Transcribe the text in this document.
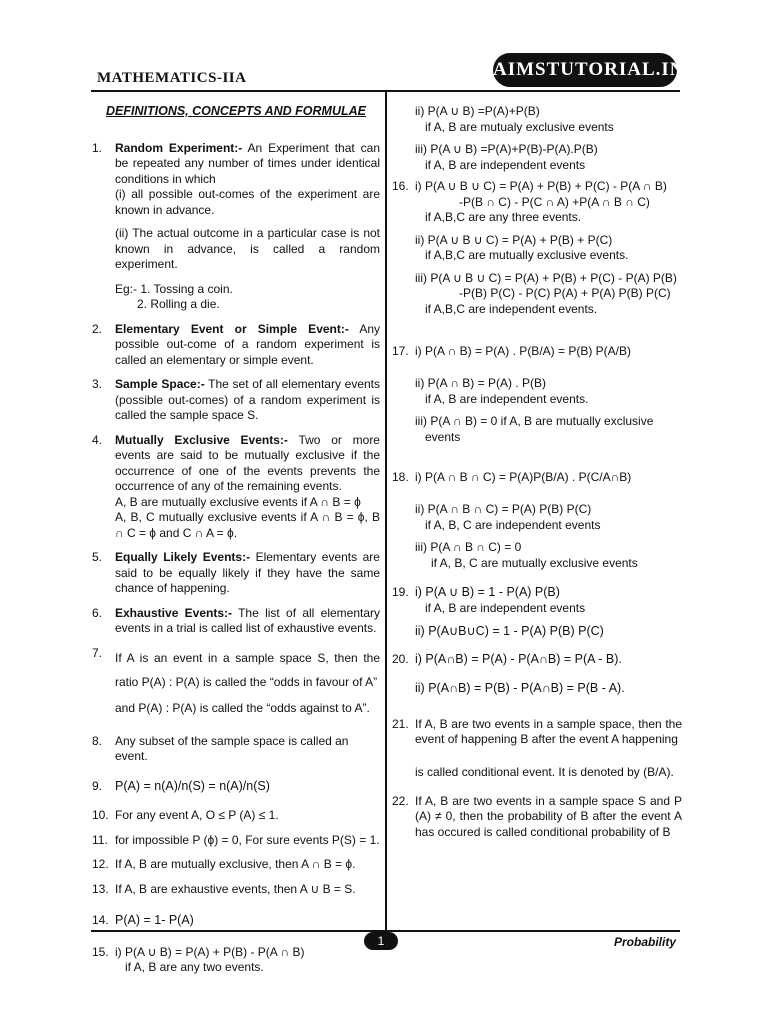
MATHEMATICS-IIA	AIMSTUTORIAL.IN
1	Probability
DEFINITIONS, CONCEPTS AND FORMULAE
1.	Random Experiment:- An Experiment that can be repeated any number of times under identical conditions in which

(i) all possible out-comes of the experiment are known in advance.

(ii) The actual outcome in a particular case is not known in advance, is called a random experiment.

Eg:- 1. Tossing a coin.

2. Rolling a die.

2.	Elementary Event or Simple Event:- Any possible out-come of a random experiment is called an elementary or simple event.

3.	Sample Space:- The set of all elementary events (possible out-comes) of a random experiment is called the sample space S.

4.	Mutually Exclusive Events:- Two or more events are said to be mutually exclusive if the occurrence of one of the events prevents the occurrence of any of the remaining events.

A, B are mutually exclusive events if A ∩ B = ϕ

A, B, C mutually exclusive events if A ∩ B = ϕ, B ∩ C = ϕ and C ∩ A = ϕ.

5.	Equally Likely Events:- Elementary events are said to be equally likely if they have the same chance of happening.

6.	Exhaustive Events:- The list of all elementary events in a trial is called list of exhaustive events.

7.	If A is an event in a sample space S, then the ratio P(A) : P(A) is called the “odds in favour of A”

and P(A) : P(A) is called the “odds against to A”.

8.	Any subset of the sample space is called an event.

9.	P(A) = n(A)/n(S) = n(A)/n(S)

10. For any event A, O ≤ P (A) ≤ 1.

11. for impossible P (ϕ) = 0, For sure events P(S) = 1.

12. If A, B are mutually exclusive, then A ∩ B = ϕ.

13. If A, B are exhaustive events, then A ∪ B = S.

14. P(A) = 1- P(A)

15. i) P(A ∪ B) = P(A) + P(B) - P(A ∩ B)

if A, B are any two events.

ii) P(A ∪ B) =P(A)+P(B)

if A, B are mutualy exclusive events

iii) P(A ∪ B) =P(A)+P(B)-P(A).P(B)

if A, B are independent events

16. i) P(A ∪ B ∪ C) = P(A) + P(B) + P(C) - P(A ∩ B)

-P(B ∩ C) - P(C ∩ A) +P(A ∩ B ∩ C)

if A,B,C are any three events.

ii) P(A ∪ B ∪ C) = P(A) + P(B) + P(C)

if A,B,C are mutually exclusive events.

iii) P(A ∪ B ∪ C) = P(A) + P(B) + P(C) - P(A) P(B)

-P(B) P(C) - P(C) P(A) + P(A) P(B) P(C)

if A,B,C are independent events.

17. i) P(A ∩ B) = P(A) . P(B/A) = P(B) P(A/B)

ii) P(A ∩ B) = P(A) . P(B)

if A, B are independent events.

iii) P(A ∩ B) = 0 if A, B are mutually exclusive

events

18. i) P(A ∩ B ∩ C) = P(A)P(B/A) . P(C/A∩B)

ii) P(A ∩ B ∩ C) = P(A) P(B) P(C)

if A, B, C are independent events

iii) P(A ∩ B ∩ C) = 0

if A, B, C are mutually exclusive events

19. i) P(A ∪ B) = 1 - P(A) P(B)

if A, B are independent events

ii) P(A∪B∪C) = 1 - P(A) P(B) P(C)

20. i) P(A∩B) = P(A) - P(A∩B) = P(A - B).

ii) P(A∩B) = P(B) - P(A∩B) = P(B - A).

21. If A, B are two events in a sample space, then the event of happening B after the event A happening

is called conditional event. It is denoted by (B/A).

22. If A, B are two events in a sample space S and P (A) ≠ 0, then the probability of B after the event A has occured is called conditional probability of B
